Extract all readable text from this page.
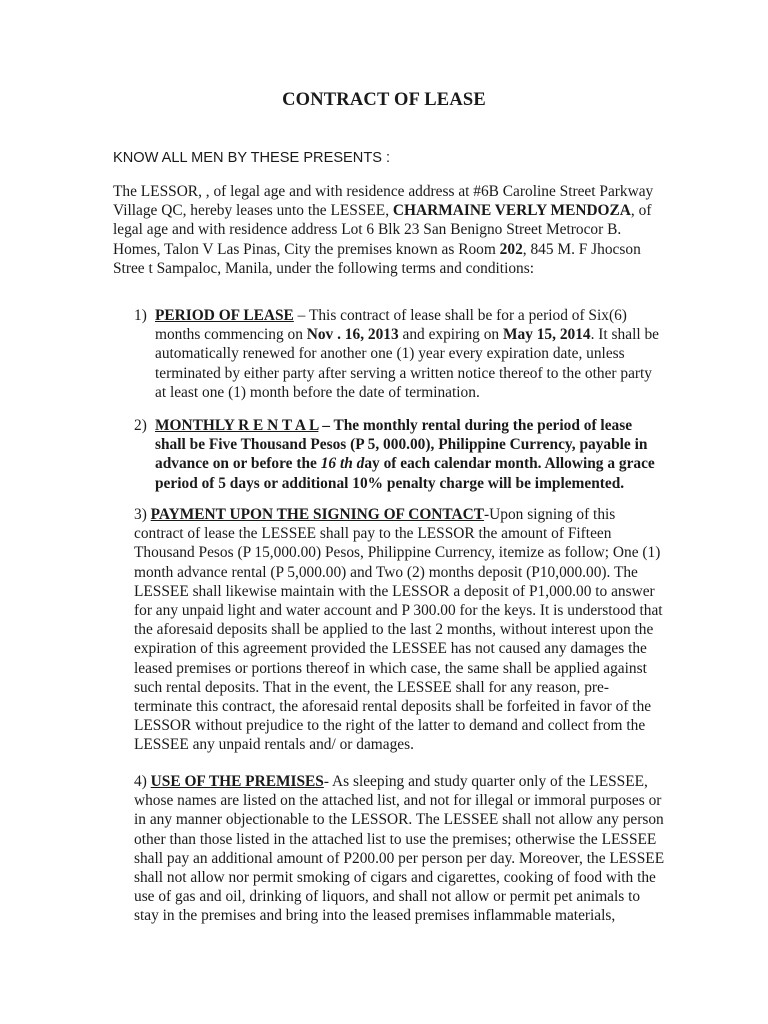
CONTRACT OF LEASE
KNOW ALL MEN BY THESE PRESENTS :
The LESSOR, , of legal age and with residence address at #6B Caroline Street Parkway
Village QC, hereby leases unto the LESSEE, CHARMAINE VERLY MENDOZA, of
legal age and with residence address Lot 6 Blk 23 San Benigno Street Metrocor B.
Homes, Talon V Las Pinas, City the premises known as Room 202, 845 M. F Jhocson
Stree t Sampaloc, Manila, under the following terms and conditions:
1) PERIOD OF LEASE – This contract of lease shall be for a period of Six(6)
months commencing on Nov . 16, 2013 and expiring on May 15, 2014. It shall be
automatically renewed for another one (1) year every expiration date, unless
terminated by either party after serving a written notice thereof to the other party
at least one (1) month before the date of termination.
2) MONTHLY R E N T A L – The monthly rental during the period of lease
shall be Five Thousand Pesos (P 5, 000.00), Philippine Currency, payable in
advance on or before the 16 th day of each calendar month. Allowing a grace
period of 5 days or additional 10% penalty charge will be implemented.
3) PAYMENT UPON THE SIGNING OF CONTACT-Upon signing of this
contract of lease the LESSEE shall pay to the LESSOR the amount of Fifteen
Thousand Pesos (P 15,000.00) Pesos, Philippine Currency, itemize as follow; One (1)
month advance rental (P 5,000.00) and Two (2) months deposit (P10,000.00). The
LESSEE shall likewise maintain with the LESSOR a deposit of P1,000.00 to answer
for any unpaid light and water account and P 300.00 for the keys. It is understood that
the aforesaid deposits shall be applied to the last 2 months, without interest upon the
expiration of this agreement provided the LESSEE has not caused any damages the
leased premises or portions thereof in which case, the same shall be applied against
such rental deposits. That in the event, the LESSEE shall for any reason, pre-
terminate this contract, the aforesaid rental deposits shall be forfeited in favor of the
LESSOR without prejudice to the right of the latter to demand and collect from the
LESSEE any unpaid rentals and/ or damages.
4) USE OF THE PREMISES- As sleeping and study quarter only of the LESSEE,
whose names are listed on the attached list, and not for illegal or immoral purposes or
in any manner objectionable to the LESSOR. The LESSEE shall not allow any person
other than those listed in the attached list to use the premises; otherwise the LESSEE
shall pay an additional amount of P200.00 per person per day. Moreover, the LESSEE
shall not allow nor permit smoking of cigars and cigarettes, cooking of food with the
use of gas and oil, drinking of liquors, and shall not allow or permit pet animals to
stay in the premises and bring into the leased premises inflammable materials,
